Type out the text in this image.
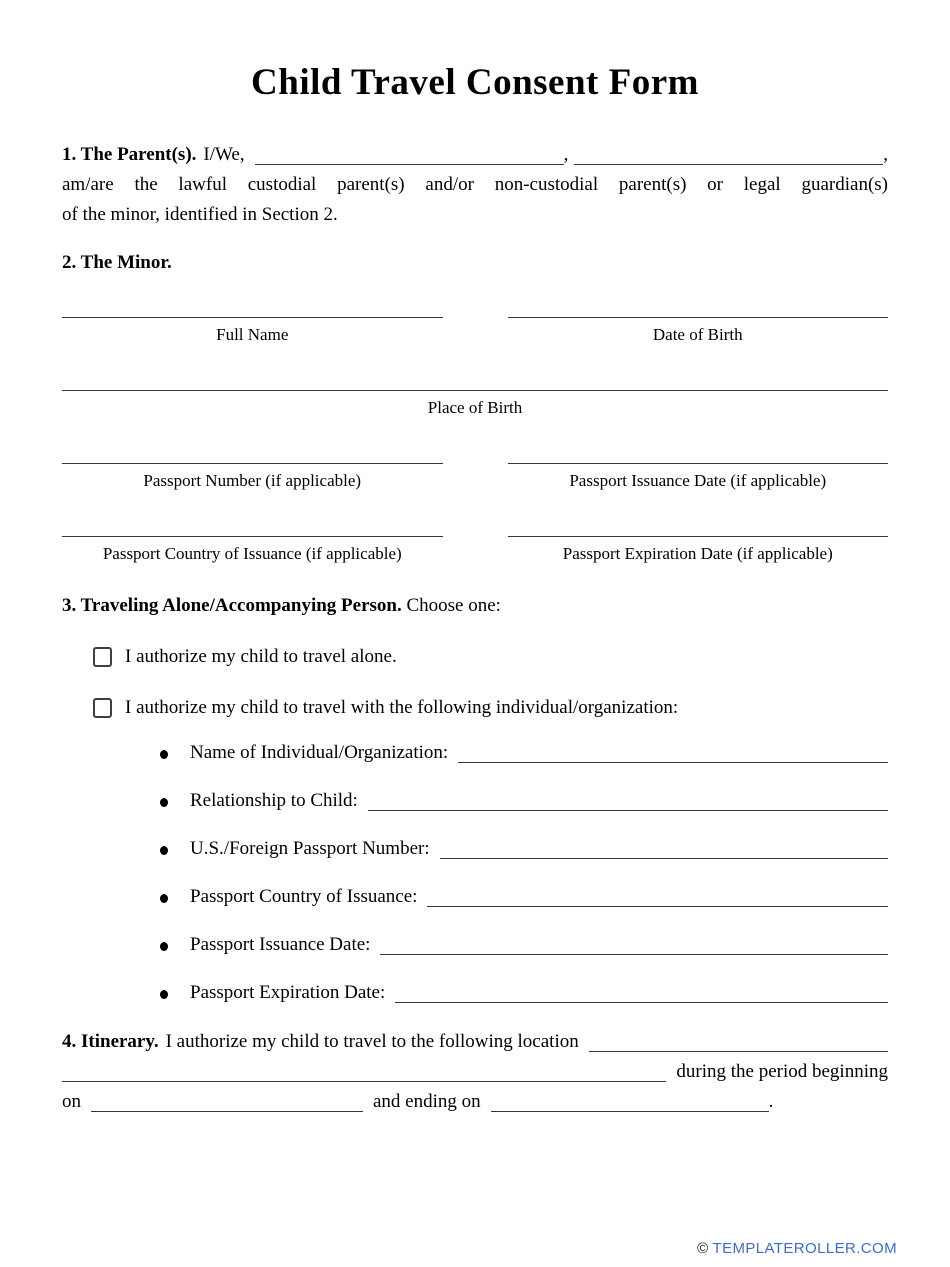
Child Travel Consent Form
1. The Parent(s). I/We,	,	,
am/are the lawful custodial parent(s) and/or non-custodial parent(s) or legal guardian(s)
of the minor, identified in Section 2.
2. The Minor.
Full Name	Date of Birth
Place of Birth
Passport Number (if applicable)	Passport Issuance Date (if applicable)
Passport Country of Issuance (if applicable)	Passport Expiration Date (if applicable)
3. Traveling Alone/Accompanying Person. Choose one:
I authorize my child to travel alone.
I authorize my child to travel with the following individual/organization:
Name of Individual/Organization:
Relationship to Child:
U.S./Foreign Passport Number:
Passport Country of Issuance:
Passport Issuance Date:
Passport Expiration Date:
4. Itinerary. I authorize my child to travel to the following location
during the period beginning
on	and ending on	.
© TEMPLATEROLLER.COM
